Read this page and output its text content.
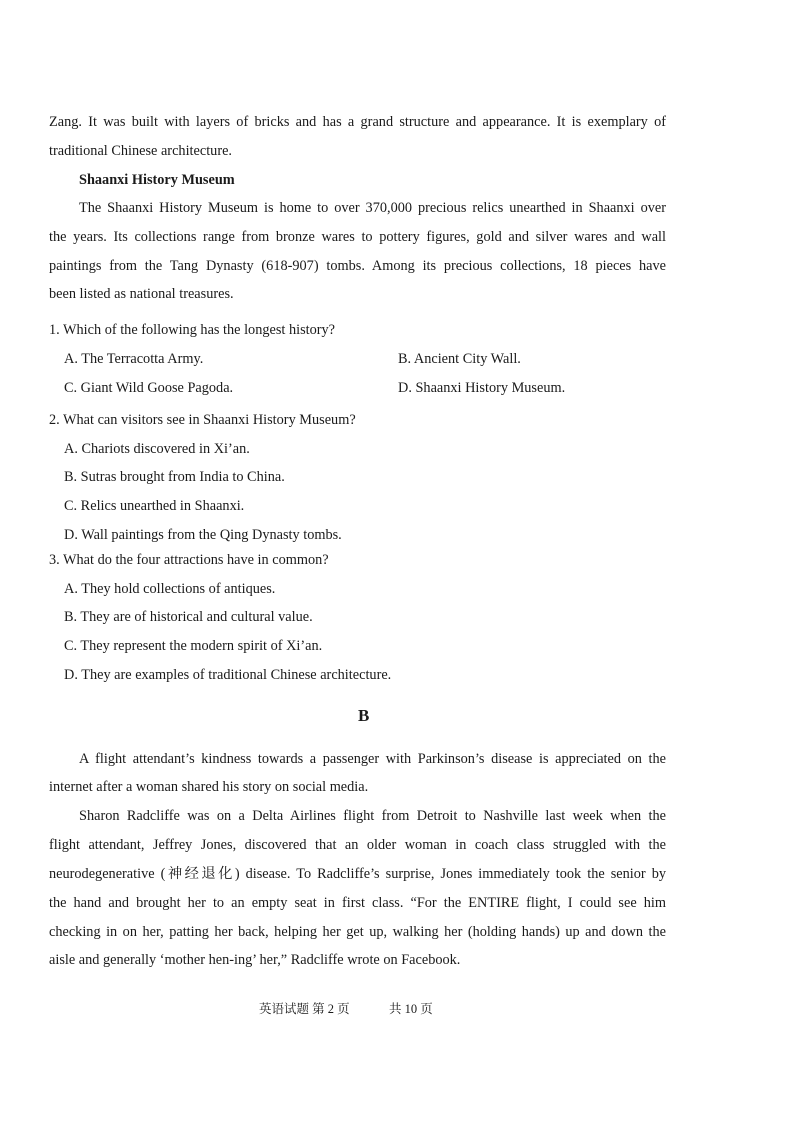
Zang. It was built with layers of bricks and has a grand structure and appearance. It is exemplary of
traditional Chinese architecture.
Shaanxi History Museum
The Shaanxi History Museum is home to over 370,000 precious relics unearthed in Shaanxi over
the years. Its collections range from bronze wares to pottery figures, gold and silver wares and wall
paintings from the Tang Dynasty (618-907) tombs. Among its precious collections, 18 pieces have
been listed as national treasures.
1. Which of the following has the longest history?
A. The Terracotta Army.	B. Ancient City Wall.
C. Giant Wild Goose Pagoda.	D. Shaanxi History Museum.
2. What can visitors see in Shaanxi History Museum?
A. Chariots discovered in Xi’an.
B. Sutras brought from India to China.
C. Relics unearthed in Shaanxi.
D. Wall paintings from the Qing Dynasty tombs.
3. What do the four attractions have in common?
A. They hold collections of antiques.
B. They are of historical and cultural value.
C. They represent the modern spirit of Xi’an.
D. They are examples of traditional Chinese architecture.
B
A flight attendant’s kindness towards a passenger with Parkinson’s disease is appreciated on the
internet after a woman shared his story on social media.
Sharon Radcliffe was on a Delta Airlines flight from Detroit to Nashville last week when the
flight attendant, Jeffrey Jones, discovered that an older woman in coach class struggled with the
neurodegenerative (神经退化) disease. To Radcliffe’s surprise, Jones immediately took the senior by
the hand and brought her to an empty seat in first class. “For the ENTIRE flight, I could see him
checking in on her, patting her back, helping her get up, walking her (holding hands) up and down the
aisle and generally ‘mother hen-ing’ her,” Radcliffe wrote on Facebook.
英语试题 第 2 页	共 10 页
